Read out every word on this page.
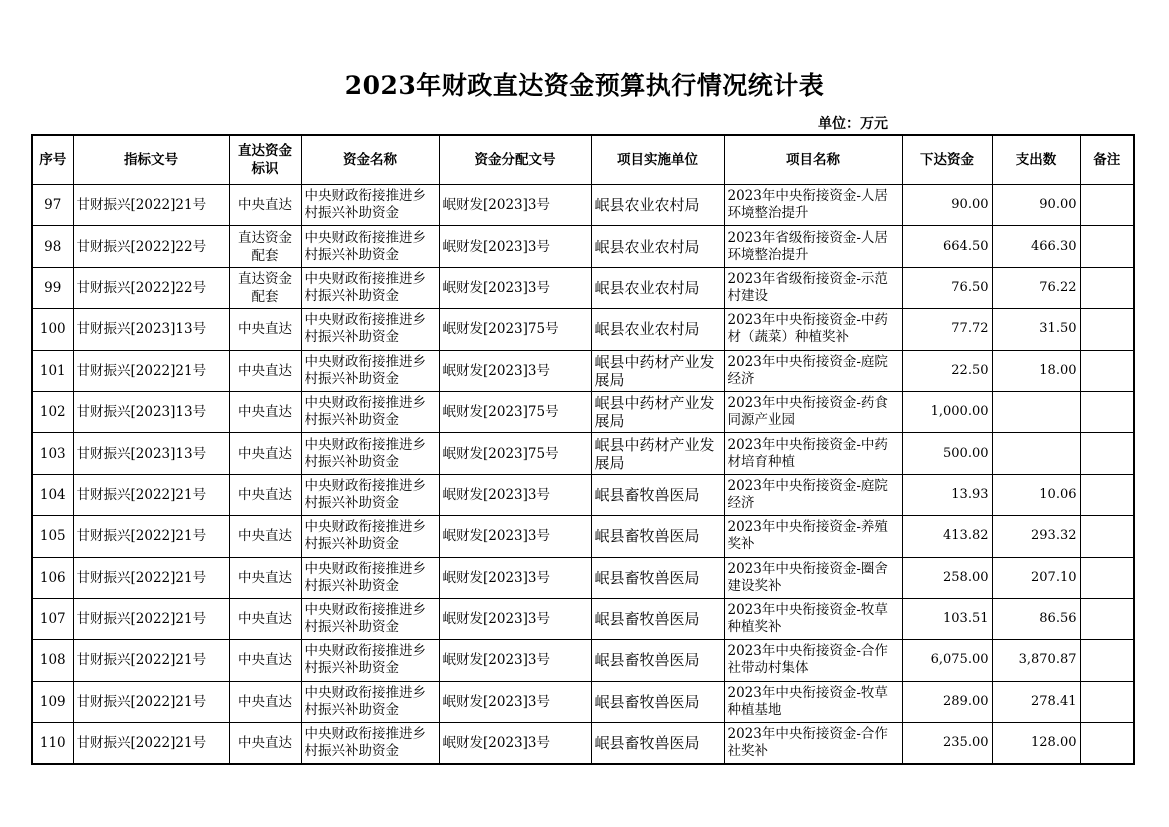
2023年财政直达资金预算执行情况统计表
单位：万元
序号	指标文号	直达资金标识	资金名称	资金分配文号	项目实施单位	项目名称	下达资金	支出数	备注
97	甘财振兴[2022]21号	中央直达	中央财政衔接推进乡村振兴补助资金	岷财发[2023]3号	岷县农业农村局	2023年中央衔接资金-人居环境整治提升	90.00	90.00	
98	甘财振兴[2022]22号	直达资金配套	中央财政衔接推进乡村振兴补助资金	岷财发[2023]3号	岷县农业农村局	2023年省级衔接资金-人居环境整治提升	664.50	466.30	
99	甘财振兴[2022]22号	直达资金配套	中央财政衔接推进乡村振兴补助资金	岷财发[2023]3号	岷县农业农村局	2023年省级衔接资金-示范村建设	76.50	76.22	
100	甘财振兴[2023]13号	中央直达	中央财政衔接推进乡村振兴补助资金	岷财发[2023]75号	岷县农业农村局	2023年中央衔接资金-中药材（蔬菜）种植奖补	77.72	31.50	
101	甘财振兴[2022]21号	中央直达	中央财政衔接推进乡村振兴补助资金	岷财发[2023]3号	岷县中药材产业发展局	2023年中央衔接资金-庭院经济	22.50	18.00	
102	甘财振兴[2023]13号	中央直达	中央财政衔接推进乡村振兴补助资金	岷财发[2023]75号	岷县中药材产业发展局	2023年中央衔接资金-药食同源产业园	1,000.00		
103	甘财振兴[2023]13号	中央直达	中央财政衔接推进乡村振兴补助资金	岷财发[2023]75号	岷县中药材产业发展局	2023年中央衔接资金-中药材培育种植	500.00		
104	甘财振兴[2022]21号	中央直达	中央财政衔接推进乡村振兴补助资金	岷财发[2023]3号	岷县畜牧兽医局	2023年中央衔接资金-庭院经济	13.93	10.06	
105	甘财振兴[2022]21号	中央直达	中央财政衔接推进乡村振兴补助资金	岷财发[2023]3号	岷县畜牧兽医局	2023年中央衔接资金-养殖奖补	413.82	293.32	
106	甘财振兴[2022]21号	中央直达	中央财政衔接推进乡村振兴补助资金	岷财发[2023]3号	岷县畜牧兽医局	2023年中央衔接资金-圈舍建设奖补	258.00	207.10	
107	甘财振兴[2022]21号	中央直达	中央财政衔接推进乡村振兴补助资金	岷财发[2023]3号	岷县畜牧兽医局	2023年中央衔接资金-牧草种植奖补	103.51	86.56	
108	甘财振兴[2022]21号	中央直达	中央财政衔接推进乡村振兴补助资金	岷财发[2023]3号	岷县畜牧兽医局	2023年中央衔接资金-合作社带动村集体	6,075.00	3,870.87	
109	甘财振兴[2022]21号	中央直达	中央财政衔接推进乡村振兴补助资金	岷财发[2023]3号	岷县畜牧兽医局	2023年中央衔接资金-牧草种植基地	289.00	278.41	
110	甘财振兴[2022]21号	中央直达	中央财政衔接推进乡村振兴补助资金	岷财发[2023]3号	岷县畜牧兽医局	2023年中央衔接资金-合作社奖补	235.00	128.00	
